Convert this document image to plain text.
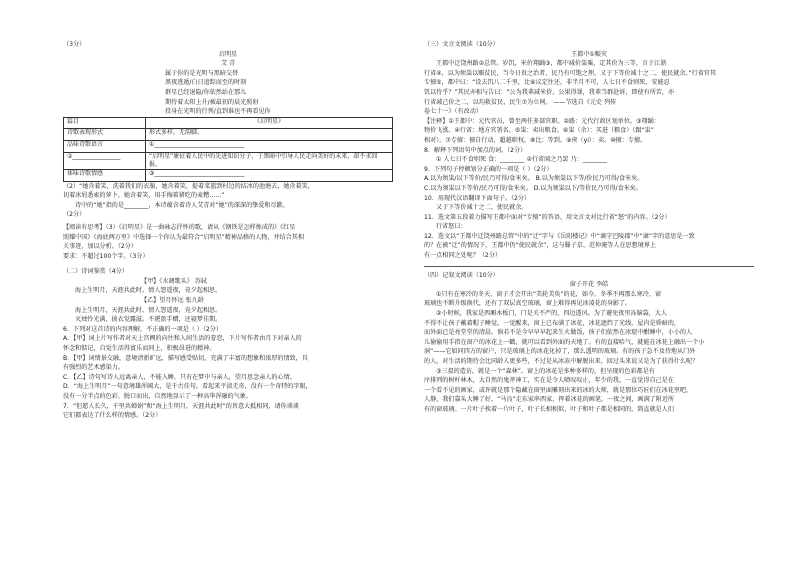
（3分）

启明星

艾 青

属于你的是光明与黑暗交替

黑夜逃遁/白日追踪而至的时刻

群星已经退隐/你依然站在那儿

期待着太阳上升/被最初的晨光照射

投身在光明的行列/直到谁也不再看见你

篇目	《启明星》
诗歌表现形式	形式多样，无韵脚。
品味诗歌语言	①______________________________
②________________	“启明星”象征着人民中的先进知识分子，于黑暗中引导人民走向美好的未来，却不求回报。
体味诗歌情感	③______________________________

（2）“她含着笑，洗着我们的衣服，她含着笑，提着菜篮到村边的结冰的池塘去，她含着笑，

切着冰屑悉索的萝卜，她含着笑，用手掏着猪吃的麦糟……”

诗中的“她”指的是________，本诗蕴含着诗人艾青对“她”的深深的挚爱和尽歉。

（2分）

【阅读有思考】（3）《启明星》是一曲咏志抒怀的歌，请从《钢铁是怎样炼成的》《红星

照耀中国》《海底两万里》中选择一个你认为最符合“启明星”精神品格的人物，并结合其相

关事迹，加以分析。（2分）

要求：不超过100个字。（3分）

（二）诗词鉴赏（4分）

【甲】《水调歌头》 苏轼

海上生明月，天涯共此时。情人怨遥夜，竟夕起相思。

【乙】望月怀远 张九龄

海上生明月，天涯共此时。情人怨遥夜，竟夕起相思。

灭烛怜光满，披衣觉露滋。不堪盈手赠，还寝梦佳期。

6．下列对这首诗的内容理解，不正确的一项是（ ）（2分）

A．【甲】词上片写作者对天上宫阙的向往和人间生活的眷恋，下片写作者由月下对亲人的

怀念和惦记，自觉生活得富乐而同上，积极昂进的精神。

B．【甲】词情景交融，意境清新旷远，描写感受贴切，充满了丰富的想象和浓厚的情致，具

有强烈的艺术感染力。

C．【乙】诗句写诗人远离亲人，不能入睡，只有在梦中与亲人，望月思念亲人的心情。

D．“海上生明月”一句意境雄浑阔大，是千古佳句。看起来平淡无奇，没有一个奇特的字眼，

没有一分半点的色彩，脱口而出，自然地显示了一种高华浑融的气象。

7．“但愿人长久，千里共婵娟”和“海上生明月，天涯共此时”的旨意大抵相同，请你谈谈

它们都表达了什么样的情感。（2分）

（三）文言文阅读（10分）

王都中①赈灾

王都中迁饶州路②总管。岁饥，米价翔踊③，都中减价粜粟，定其价为三等，言于江浙

行省④，以为须粜以赈贫民，当今日贵之治者，民乃有可饱之理。又于下等价减十之二，使民就余。”行省官其

专擅⑤，都中曰：“设去饥八二千里，比⑥议定往还，非半月不可，人七日不食则死，安能忍

饥以待乎？”其民亦相与告曰：“公为我辈减米价，公果得罪，我辈当群赴诉，即使有所苦，亦

行省减己价之二，以均救贫民，民生⑦为立祠。 ——节选自《元史 列传

卷七十一》（有改动）

【注释】①王都中：元代官员，曾至两任多部官职。②路：元代行政区划单位。③翔踊：

物价飞涨。④行省：地方官署名。⑤粜：卖出粮食。⑥粜（余）：买进（粮食）（跟“粜”

相对）。⑦专擅：擅自行动，超越职权。⑧比：等到。⑨啻（yi）：卖。⑩擅：专擅。

8．解释下列语句中加点的词。（2分）

① 人七日不食则死 食：________ ②行省闻之乃罢 乃：________

9．下列句子停顿划分正确的一项是（ ）（2分）

A.以为须粜/以下等价/民乃可得/食米矣。 B.以为须粜以下等/价民乃可得/食米矣。

C.以为须粜以下等价/民乃可得/食米矣。 D.以为须粜以下/等价民乃可得/食米矣。

10．用现代汉语翻译下面句子。（2分）

又于下等价减十之二，使民就余。

11．选文第五段着力描写王都中面对“专擅”的答语，用文言文对比行省“怒”的内容。（2分）

行省怒曰：

12．选文以“王都中迁饶州路总管”中的“迁”字与《岳阳楼记》中“谪守巴陵郡”中“谪”字的意思是一致

的？在被“迁”的情况下，王都中仍“使民就余”，这与滕子京、范仲淹等人在思想境界上

有一点相同之处呢？（2分）

（四）记叙文阅读（10分）

窗子开花 李皓

①只有在寒冷的冬天，窗子才会开出“美轮美奂”的花，如今，冬季不再那么寒冷，窗

玻璃也不断升级换代，还有了双层真空玻璃，窗上难得再见冰凌花的身影了。

②小时候，我家是西厢木板门，门是关不严的，四边透风。为了避免夜里冻脑袋，大人

不得不让孩子戴着帽子睡觉。一觉醒来，窗上已布满了冰花，冰花遮挡了光线，屋内是昏暗的，

而外面已是亮堂堂的清晨。倘若不是今早早早起来生火做饭，孩子们依然在冰窟中酣睡中，小小的人

儿偷偷用手指在窗户的冰花上一戳，就可以看到外面的天地了。有的直接哈气，就能在冰花上融出一个小

洞”——它如同四方的窗户，只是玻璃上的冰花化掉了，那么透明的玻璃。有的孩子急不及待地从门外

的人，对生活的期待会比同龄人更多些，不过是从冰冻中解脱出来，回过头来说又是为了获得什么呢？

③三叔的造访，就是一个“森林”。窗上的冰花是多种多样的，但呈现的色彩都是有

序排列的树杆林木，大自然的鬼斧神工，实在是令人啧叹叹止，年少的我，一直觉得自己是在

一个看不见的画家，或许就是那个隐藏在窗里面雕刻出来的冰的大师，就是那位巧匠们在冰花里吧，

人静，我们靠头大睡了好，“马良”走东家串西家，挥着冰花的画笔，一夜之间，画满了附近所

有的窗玻璃。一片叶子挨着一片叶子，叶子长相相似，叶子和叶子都是相同的，简直就是人们
